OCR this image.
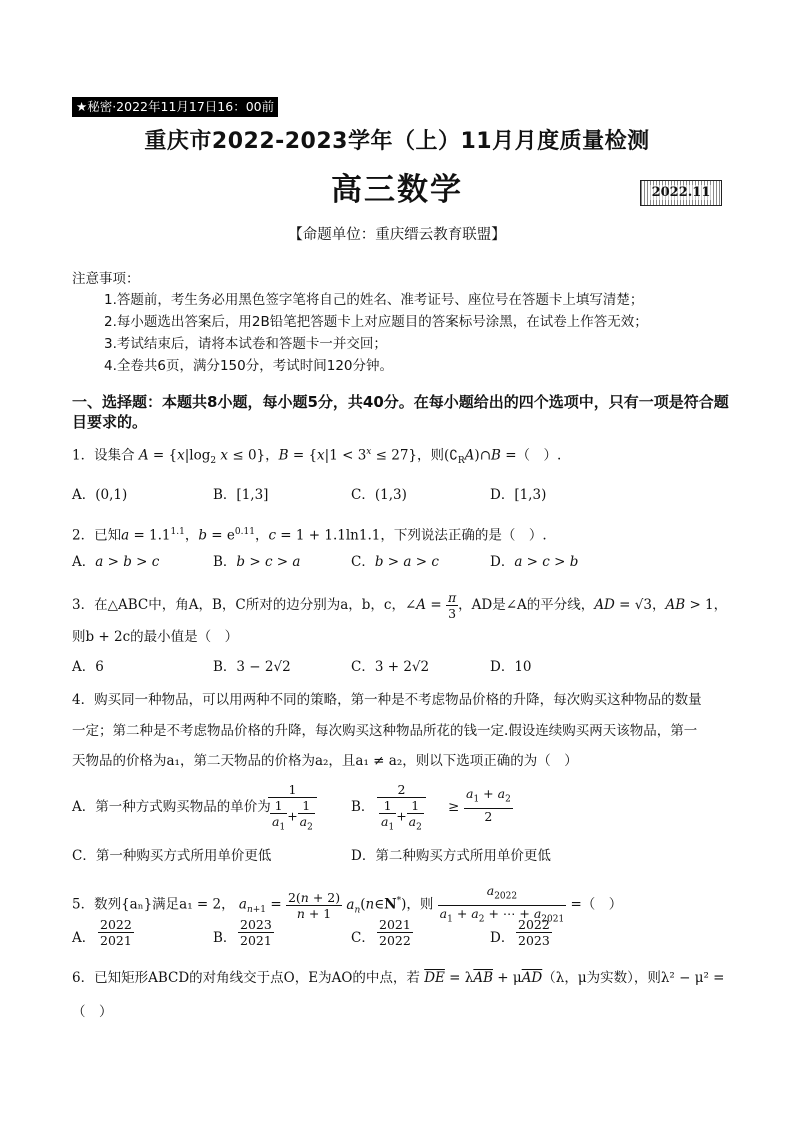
★秘密·2022年11月17日16：00前
重庆市2022-2023学年（上）11月月度质量检测
高三数学	2022.11
【命题单位：重庆缙云教育联盟】
注意事项：
1.答题前，考生务必用黑色签字笔将自己的姓名、准考证号、座位号在答题卡上填写清楚；
2.每小题选出答案后，用2B铅笔把答题卡上对应题目的答案标号涂黑，在试卷上作答无效；
3.考试结束后，请将本试卷和答题卡一并交回；
4.全卷共6页，满分150分，考试时间120分钟。
一、选择题：本题共8小题，每小题5分，共40分。在每小题给出的四个选项中，只有一项是符合题目要求的。
1．设集合 $A = \{x|\log_2$ x ≤ 0}，$B = \{x|1 < 3^x \le 27\}$，则$(∁_RA)\cap B$ =（　）.
A．(0,1)	B．[1,3]	C．(1,3)	D．[1,3)
2．已知$a = 1.1^{1.1}$，$b = e^{0.11}$，c = 1 + 1.1ln1.1，下列说法正确的是（　）.
A．a > b > c	B．b > c > a	C．b > a > c	D．a > c > b
3．在△ABC中，角A，B，C所对的边分别为a，b，c，∠A = $\frac{\pi}{3}$ ，AD是∠A的平分线，AD = √3，AB > 1，
则b + 2c的最小值是（　）
A．6	B．3 − 2√2	C．3 + 2√2	D．10
4．购买同一种物品，可以用两种不同的策略，第一种是不考虑物品价格的升降，每次购买这种物品的数量
一定；第二种是不考虑物品价格的升降，每次购买这种物品所花的钱一定.假设连续购买两天该物品，第一
天物品的价格为a₁，第二天物品的价格为a₂，且a₁ ≠ a₂，则以下选项正确的为（　）
A．第一种方式购买物品的单价为
$\frac{1}{\frac{1}{a_1} + \frac{1}{a_2}}$	B． $\frac{2}{\frac{1}{a_1} + \frac{1}{a_2}} \ge \frac{a_1 + a_2}{2}$
C．第一种购买方式所用单价更低	D．第二种购买方式所用单价更低
5．数列{aₙ}满足a₁ = 2， $a_{n+1} = \frac{2(n + 2)}{n + 1}$ $a_n(n\in N^*)$，则 $\frac{a_{2022}}{a_1 + a_2 + \cdots + a_{2021}}$ =（　）
A． $\frac{2022}{2021}$	B． $\frac{2023}{2021}$	C． $\frac{2021}{2022}$	D． $\frac{2022}{2023}$
6．已知矩形ABCD的对角线交于点O，E为AO的中点，若 $\overline{DE} = \lambda\overline{AB} + \mu\overline{AD}(\lambda$，μ为实数），则λ² − μ² =
（　）
